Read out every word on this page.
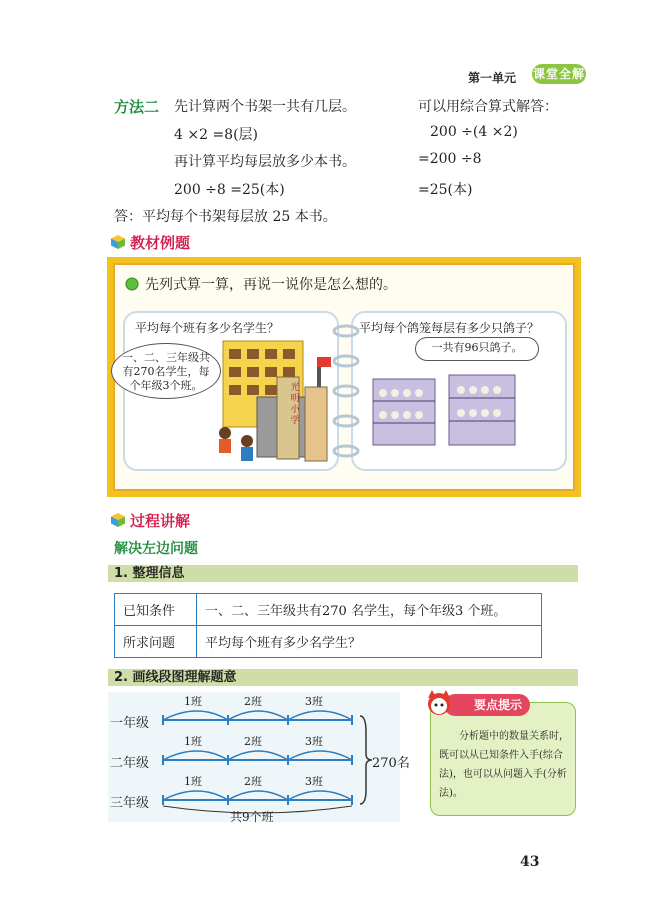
第一单元 课堂全解
方法二 先计算两个书架一共有几层。
4 ×2 =8(层)
再计算平均每层放多少本书。
200 ÷8 =25(本)
可以用综合算式解答：
200 ÷(4 ×2)
=200 ÷8
=25(本)
答：平均每个书架每层放 25 本书。
教材例题
先列式算一算，再说一说你是怎么想的。
平均每个班有多少名学生？
一、二、三年级共
有270名学生，每
个年级3个班。	光明小学
平均每个鸽笼每层有多少只鸽子？
一共有96只鸽子。
过程讲解
解决左边问题
1. 整理信息
已知条件	一、二、三年级共有270 名学生，每个年级3 个班。
所求问题	平均每个班有多少名学生？
2. 画线段图理解题意
一年级
二年级
三年级
1班	2班	3班
1班	2班	3班
1班	2班	3班
270名
共9个班
分析题中的数量关系时，既可以从已知条件入手(综合法)，也可以从问题入手(分析法)。
要点提示
43
